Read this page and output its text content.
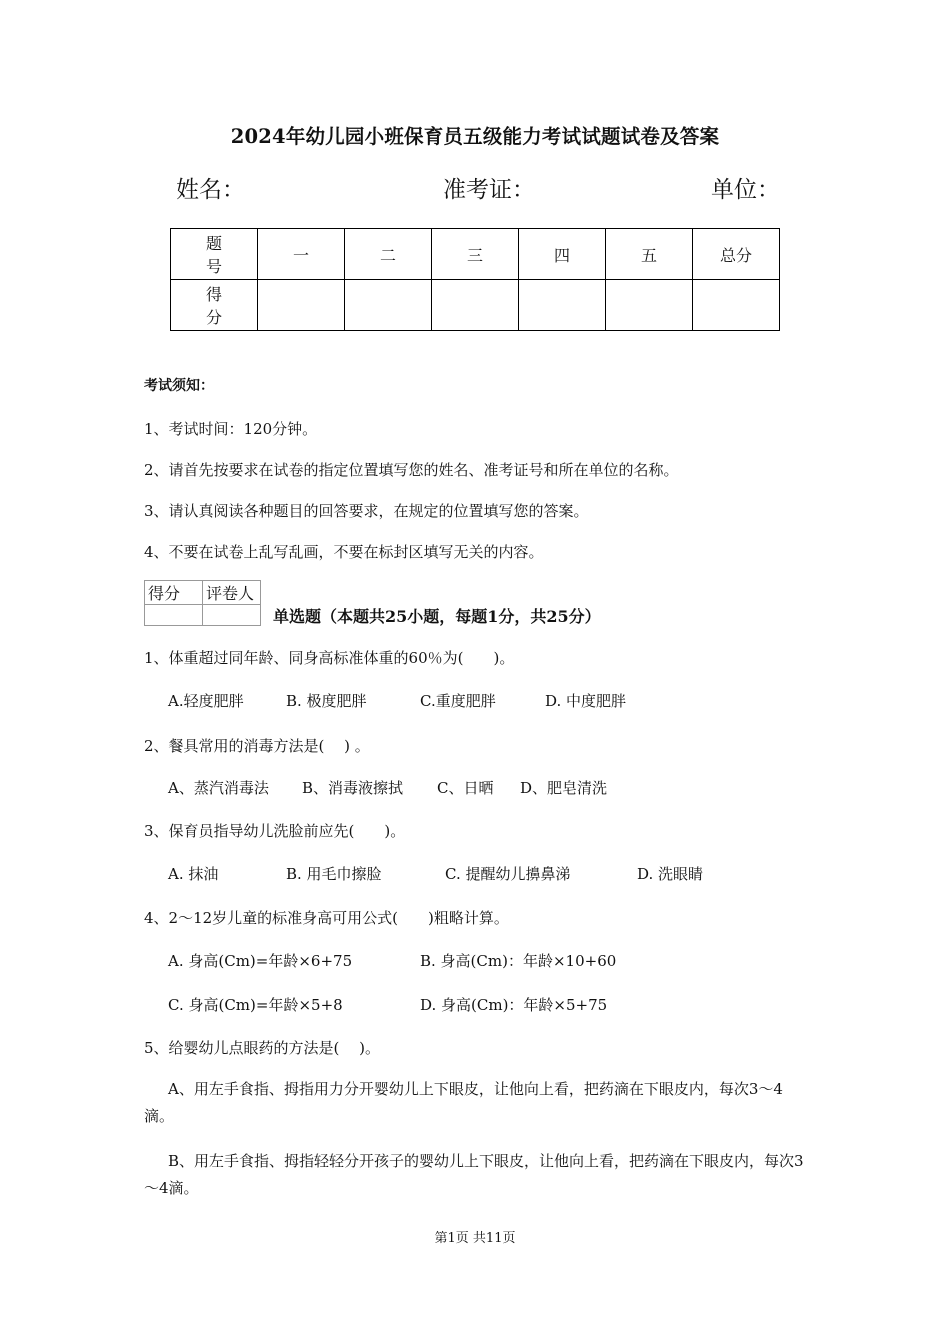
2024年幼儿园小班保育员五级能力考试试题试卷及答案
姓名：	准考证：	单位：
题号	一	二	三	四	五	总分
得分						
考试须知：
1、考试时间：120分钟。
2、请首先按要求在试卷的指定位置填写您的姓名、准考证号和所在单位的名称。
3、请认真阅读各种题目的回答要求，在规定的位置填写您的答案。
4、不要在试卷上乱写乱画，不要在标封区填写无关的内容。
得分	评卷人

单选题（本题共25小题，每题1分，共25分）
1、体重超过同年龄、同身高标准体重的60％为(　　)。
A.轻度肥胖	B. 极度肥胖	C.重度肥胖	D. 中度肥胖
2、餐具常用的消毒方法是(　 ) 。
A、蒸汽消毒法 B、消毒液擦拭 C、日晒 D、肥皂清洗
3、保育员指导幼儿洗脸前应先(　　)。
A. 抹油	B. 用毛巾擦脸	C. 提醒幼儿擤鼻涕	D. 洗眼睛
4、2～12岁儿童的标准身高可用公式(　　)粗略计算。
A. 身高(Cm)=年龄×6+75	B. 身高(Cm)：年龄×10+60
C. 身高(Cm)=年龄×5+8	D. 身高(Cm)：年龄×5+75
5、给婴幼儿点眼药的方法是(　 )。
A、用左手食指、拇指用力分开婴幼儿上下眼皮，让他向上看，把药滴在下眼皮内，每次3～4滴。
B、用左手食指、拇指轻轻分开孩子的婴幼儿上下眼皮，让他向上看，把药滴在下眼皮内，每次3～4滴。
第1页 共11页
